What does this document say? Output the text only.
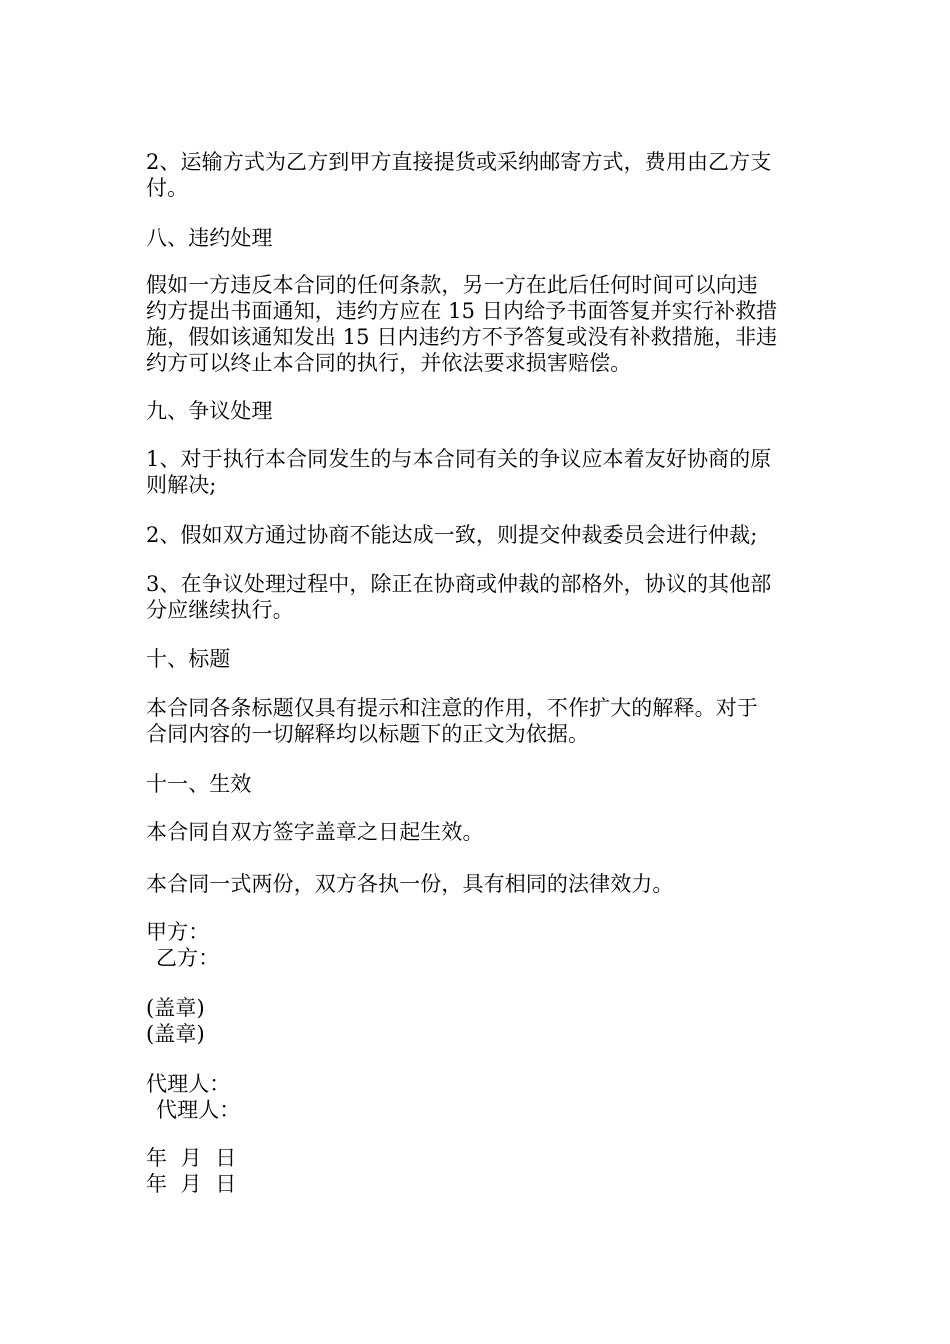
2、运输方式为乙方到甲方直接提货或采纳邮寄方式，费用由乙方支
付。
八、违约处理
假如一方违反本合同的任何条款，另一方在此后任何时间可以向违
约方提出书面通知，违约方应在 15 日内给予书面答复并实行补救措
施，假如该通知发出 15 日内违约方不予答复或没有补救措施，非违
约方可以终止本合同的执行，并依法要求损害赔偿。
九、争议处理
1、对于执行本合同发生的与本合同有关的争议应本着友好协商的原
则解决;
2、假如双方通过协商不能达成一致，则提交仲裁委员会进行仲裁;
3、在争议处理过程中，除正在协商或仲裁的部格外，协议的其他部
分应继续执行。
十、标题
本合同各条标题仅具有提示和注意的作用，不作扩大的解释。对于
合同内容的一切解释均以标题下的正文为依据。
十一、生效
本合同自双方签字盖章之日起生效。
本合同一式两份，双方各执一份，具有相同的法律效力。
甲方：
乙方：
(盖章)
(盖章)
代理人：
代理人：
年  月  日
年  月  日
